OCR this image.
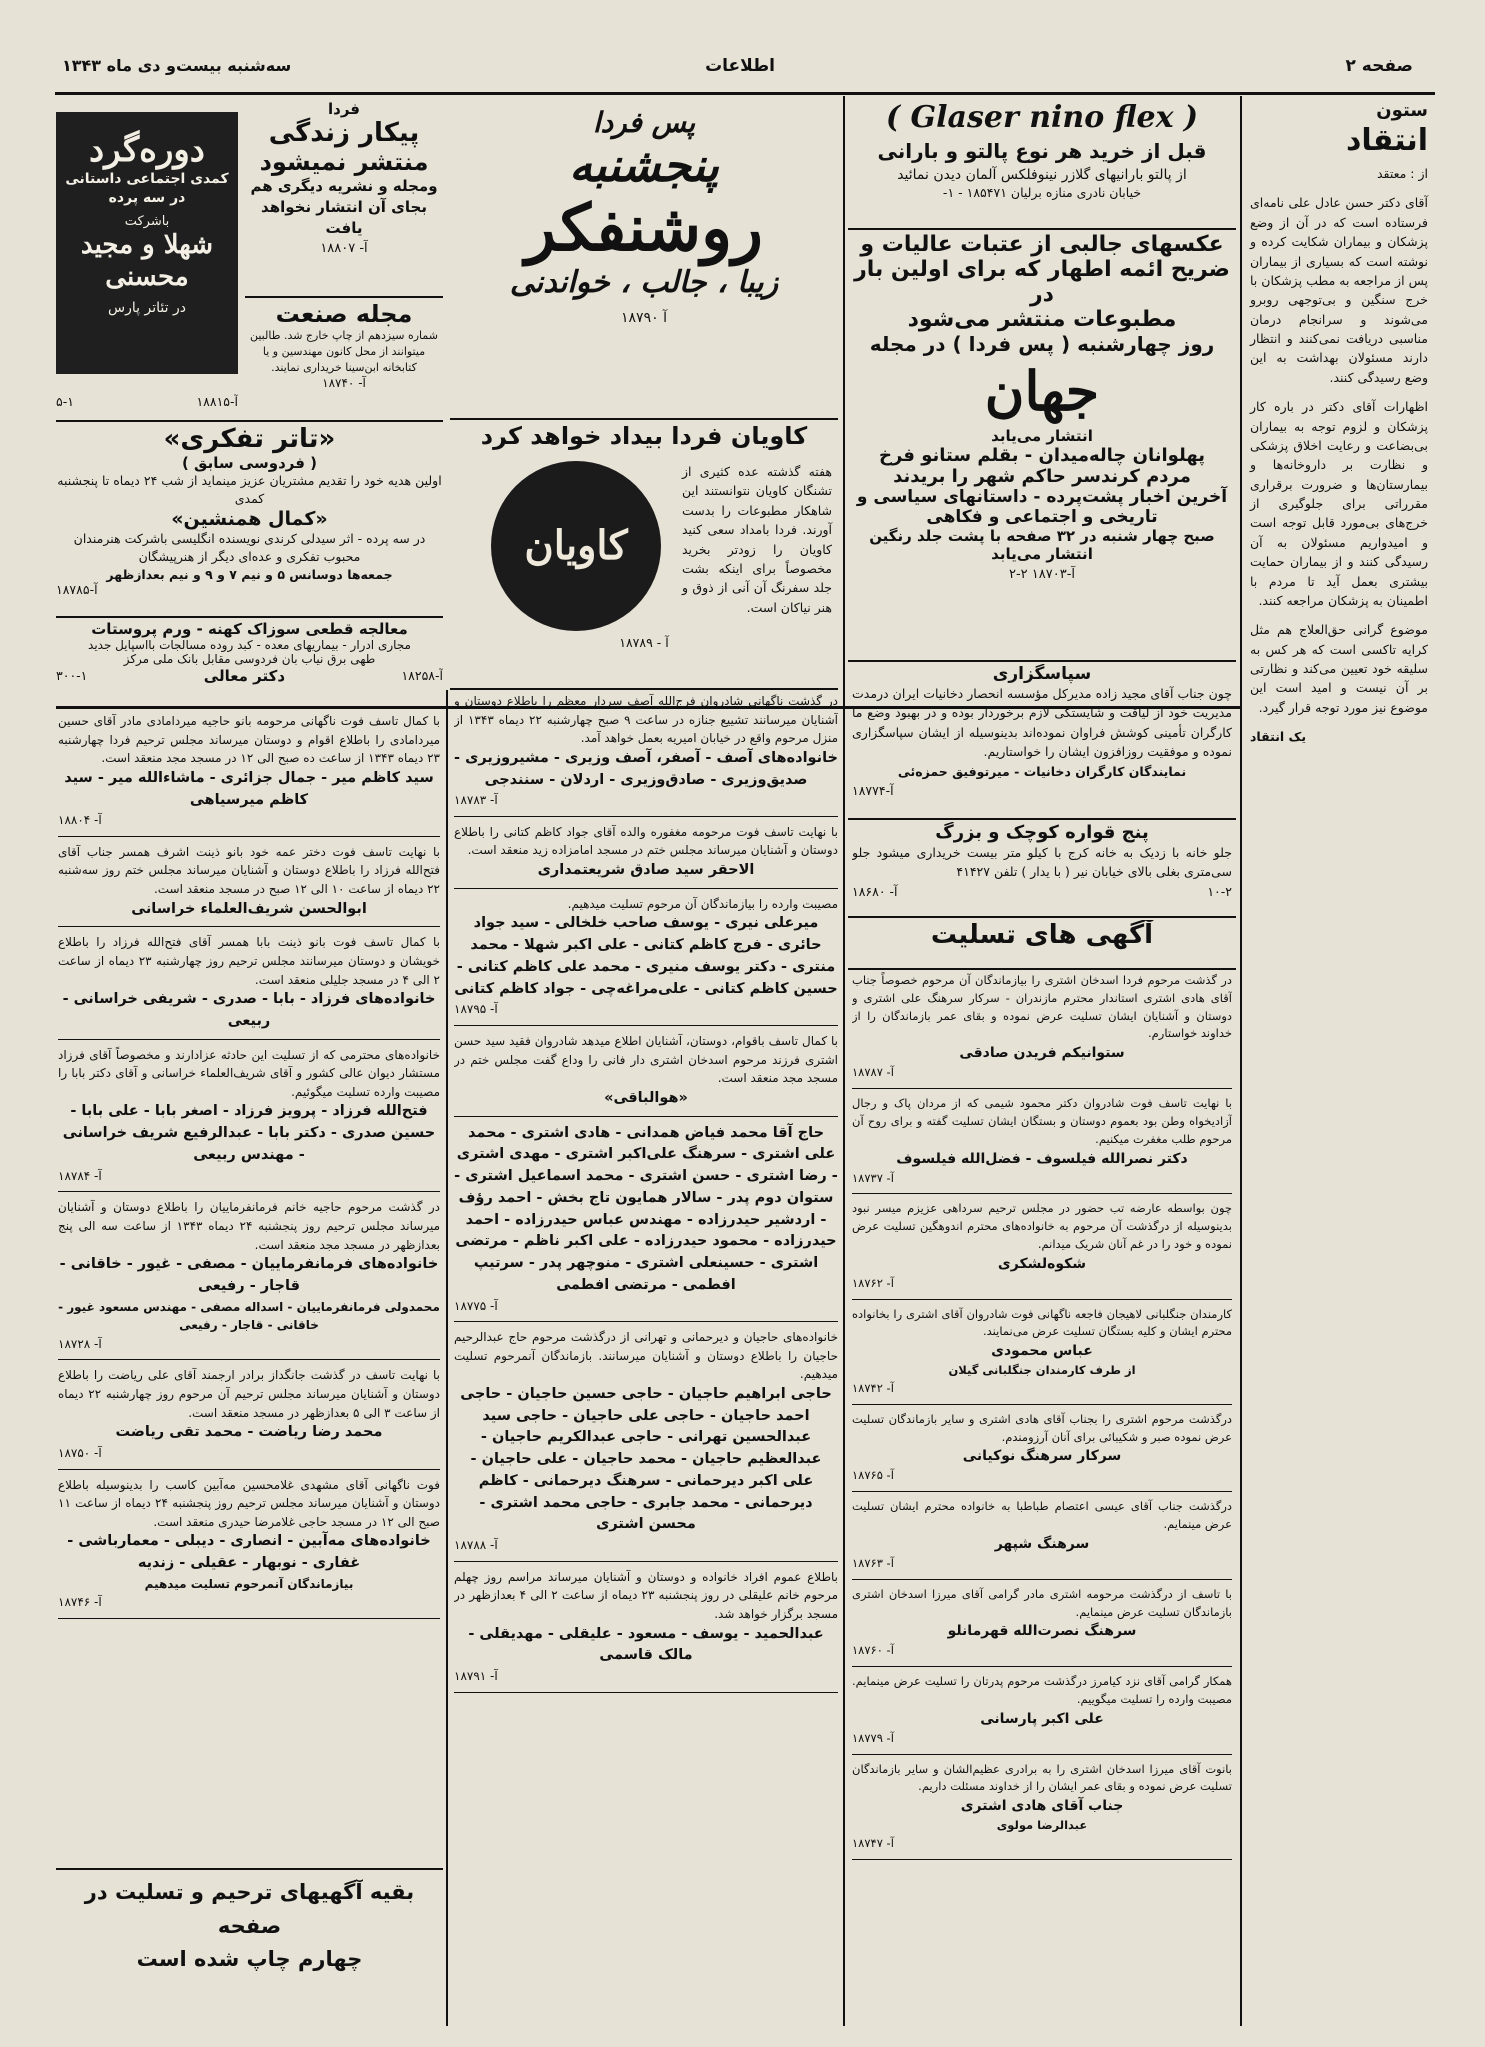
صفحه ۲
اطلاعات
سه‌شنبه بیست‌و دی ماه ۱۳۴۳
ستون
انتقاد
از : معتقد
آقای دکتر حسن عادل علی نامه‌ای فرستاده است که در آن از وضع پزشکان و بیماران شکایت کرده و نوشته است که بسیاری از بیماران پس از مراجعه به مطب پزشکان با خرج سنگین و بی‌توجهی روبرو می‌شوند و سرانجام درمان مناسبی دریافت نمی‌کنند و انتظار دارند مسئولان بهداشت به این وضع رسیدگی کنند.
اظهارات آقای دکتر در باره کار پزشکان و لزوم توجه به بیماران بی‌بضاعت و رعایت اخلاق پزشکی و نظارت بر داروخانه‌ها و بیمارستان‌ها و ضرورت برقراری مقرراتی برای جلوگیری از خرج‌های بی‌مورد قابل توجه است و امیدواریم مسئولان به آن رسیدگی کنند و از بیماران حمایت بیشتری بعمل آید تا مردم با اطمینان به پزشکان مراجعه کنند.
موضوع گرانی حق‌العلاج هم مثل کرایه تاکسی است که هر کس به سلیقه خود تعیین می‌کند و نظارتی بر آن نیست و امید است این موضوع نیز مورد توجه قرار گیرد.
یک انتقاد
( Glaser nino flex )
قبل از خرید هر نوع پالتو و بارانی
از پالتو بارانیهای گلازر نینوفلکس آلمان دیدن نمائید
خیابان نادری منازه برلیان ۱۸۵۴۷۱ - ۱-
عکسهای جالبی از عتبات عالیات و
ضریح ائمه اطهار که برای اولین بار در
مطبوعات منتشر می‌شود
روز چهارشنبه ( پس فردا ) در مجله
جهان
انتشار می‌یابد
پهلوانان چاله‌میدان - بقلم ستانو فرخ
مردم کرندسر حاکم شهر را بریدند
آخرین اخبار پشت‌پرده - داستانهای سیاسی و
تاریخی و اجتماعی و فکاهی
صبح چهار شنبه در ۳۲ صفحه با پشت جلد رنگین
انتشار می‌یابد
آ-۱۸۷۰۳ ۲-۲
سپاسگزاری
چون جناب آقای مجید زاده مدیرکل مؤسسه انحصار دخانیات ایران درمدت مدیریت خود از لیاقت و شایستگی لازم برخوردار بوده و در بهبود وضع ما کارگران تأمینی کوشش فراوان نموده‌اند بدینوسیله از ایشان سپاسگزاری نموده و موفقیت روزافزون ایشان را خواستاریم.
نمایندگان کارگران دخانیات - میرتوفیق حمزه‌ئی
آ-۱۸۷۷۴
پنج قواره کوچک و بزرگ
جلو خانه با زدیک به خانه کرج با کیلو متر بیست خریداری میشود جلو سی‌متری بغلی بالای خیابان نیر ( با یدار ) تلفن ۴۱۴۲۷
۱۰-۲
آ- ۱۸۶۸۰
آگهی های تسلیت
در گذشت مرحوم فردا اسدخان اشتری را بیازماندگان آن مرحوم خصوصاً جناب آقای هادی اشتری استاندار محترم مازندران - سرکار سرهنگ علی اشتری و دوستان و آشنایان ایشان تسلیت عرض نموده و بقای عمر بازماندگان را از خداوند خواستارم.
ستوانیکم فریدن صادقی
آ- ۱۸۷۸۷
با نهایت تاسف فوت شادروان دکتر محمود شیمی که از مردان پاک و رجال آزادیخواه وطن بود بعموم دوستان و بستگان ایشان تسلیت گفته و برای روح آن مرحوم طلب مغفرت میکنیم.
دکتر نصرالله فیلسوف - فضل‌الله فیلسوف
آ- ۱۸۷۳۷
چون بواسطه عارضه تب حضور در مجلس ترحیم سرداهی عزیزم میسر نبود بدینوسیله از درگذشت آن مرحوم به خانواده‌های محترم اندوهگین تسلیت عرض نموده و خود را در غم آنان شریک میدانم.
شکوه‌لشکری
آ- ۱۸۷۶۲
کارمندان جنگلبانی لاهیجان فاجعه ناگهانی فوت شادروان آقای اشتری را بخانواده محترم ایشان و کلیه بستگان تسلیت عرض می‌نمایند.
عباس محمودی
از طرف کارمندان جنگلبانی گیلان
آ- ۱۸۷۴۲
درگذشت مرحوم اشتری را بجناب آقای هادی اشتری و سایر بازماندگان تسلیت عرض نموده صبر و شکیبائی برای آنان آرزومندم.
سرکار سرهنگ نوکیانی
آ- ۱۸۷۶۵
درگذشت جناب آقای عیسی اعتصام طباطبا به خانواده محترم ایشان تسلیت عرض مینمایم.
سرهنگ شپهر
آ- ۱۸۷۶۳
با تاسف از درگذشت مرحومه اشتری مادر گرامی آقای میرزا اسدخان اشتری بازماندگان تسلیت عرض مینمایم.
سرهنگ نصرت‌الله قهرمانلو
آ- ۱۸۷۶۰
همکار گرامی آقای نزد کیامرز درگذشت مرحوم پدرتان را تسلیت عرض مینمایم. مصیبت وارده را تسلیت میگوییم.
علی اکبر پارسانی
آ- ۱۸۷۷۹
بانوت آقای میرزا اسدخان اشتری را به برادری عظیم‌الشان و سایر بازماندگان تسلیت عرض نموده و بقای عمر ایشان را از خداوند مسئلت داریم.
جناب آقای هادی اشتری
عبدالرضا مولوی
آ- ۱۸۷۴۷
پس فردا
پنجشنبه
روشنفکر
زیبا ، جالب ، خواندنی
آ ۱۸۷۹۰
کاویان فردا بیداد خواهد کرد
هفته گذشته عده کثیری از تشنگان کاویان نتوانستند این شاهکار مطبوعات را بدست آورند. فردا بامداد سعی کنید کاویان را زودتر بخرید مخصوصاً برای اینکه بشت جلد سفرنگ آن آنی از ذوق و هنر نیاکان است.
کاویان
آ - ۱۸۷۸۹
در گذشت ناگهانی شادروان فرج‌الله آصف سردار معظم را باطلاع دوستان و آشنایان میرسانند تشییع جنازه در ساعت ۹ صبح چهارشنبه ۲۲ دیماه ۱۳۴۳ از منزل مرحوم واقع در خیابان امیریه بعمل خواهد آمد.
خانواده‌های آصف - آصفر، آصف وزیری - مشیروزیری - صدیق‌وزیری - صادق‌وزیری - اردلان - سنندجی
آ- ۱۸۷۸۳
با نهایت تاسف فوت مرحومه مغفوره والده آقای جواد کاظم کتانی را باطلاع دوستان و آشنایان میرساند مجلس ختم در مسجد امامزاده زید منعقد است.
الاحقر سید صادق شریعتمداری
مصیبت وارده را بیازماندگان آن مرحوم تسلیت میدهیم.
میرعلی نیری - یوسف صاحب خلخالی - سید جواد حائری - فرج کاظم کتانی - علی اکبر شهلا - محمد منتری - دکتر یوسف منیری - محمد علی کاظم کتانی - حسین کاظم کتانی - علی‌مراغه‌‌چی - جواد کاظم کتانی
آ- ۱۸۷۹۵
با کمال تاسف باقوام، دوستان، آشنایان اطلاع میدهد شادروان فقید سید حسن اشتری فرزند مرحوم اسدخان اشتری دار فانی را وداع گفت مجلس ختم در مسجد مجد منعقد است.
«هوالباقی»
حاج آقا محمد فیاض همدانی - هادی اشتری - محمد علی اشتری - سرهنگ علی‌اکبر اشتری - مهدی اشتری - رضا اشتری - حسن اشتری - محمد اسماعیل اشتری - ستوان دوم پدر - سالار همایون تاج بخش - احمد رؤف - اردشیر حیدرزاده - مهندس عباس حیدرزاده - احمد حیدرزاده - محمود حیدرزاده - علی اکبر ناظم - مرتضی اشتری - حسینعلی اشتری - منوچهر پدر - سرتیپ افطمی - مرتضی افطمی
آ- ۱۸۷۷۵
خانواده‌های حاجیان و دیرحمانی و تهرانی از درگذشت مرحوم حاج عبدالرحیم حاجیان را باطلاع دوستان و آشنایان میرسانند. بازماندگان آنمرحوم تسلیت میدهیم.
حاجی ابراهیم حاجیان - حاجی حسین حاجیان - حاجی احمد حاجیان - حاجی علی حاجیان - حاجی سید عبدالحسین تهرانی - حاجی عبدالکریم حاجیان - عبدالعظیم حاجیان - محمد حاجیان - علی حاجیان - علی اکبر دیرحمانی - سرهنگ دیرحمانی - کاظم دیرحمانی - محمد جابری - حاجی محمد اشتری - محسن اشتری
آ- ۱۸۷۸۸
باطلاع عموم افراد خانواده و دوستان و آشنایان میرساند مراسم روز چهلم مرحوم خانم علیقلی در روز پنجشنبه ۲۳ دیماه از ساعت ۲ الی ۴ بعدازظهر در مسجد برگزار خواهد شد.
عبدالحمید - یوسف - مسعود - علیقلی - مهدیقلی - مالک قاسمی
آ- ۱۸۷۹۱
فردا
پیکار زندگی
منتشر نمیشود
ومجله و نشریه دیگری هم بجای آن انتشار نخواهد یافت
آ- ۱۸۸۰۷
مجله صنعت
شماره سیزدهم از چاپ خارج شد. طالبین میتوانند از محل کانون مهندسین و یا کتابخانه ابن‌سینا خریداری نمایند.
آ- ۱۸۷۴۰
دوره‌گرد
کمدی اجتماعی داستانی در سه پرده
باشرکت
شهلا و مجید محسنی
در تئاتر پارس
آ-۱۸۸۱۵
۵-۱
«تاتر تفکری»
( فردوسی سابق )
اولین هدیه خود را تقدیم مشتریان عزیز مینماید از شب ۲۴ دیماه تا پنجشنبه کمدی
«کمال همنشین»
در سه پرده - اثر سیدلی کرندی نویسنده انگلیسی باشرکت هنرمندان محبوب تفکری و عده‌ای دیگر از هنرپیشگان
جمعه‌ها دوسانس ۵ و نیم ۷ و ۹ و نیم بعدازظهر
آ-۱۸۷۸۵
معالجه قطعی سوزاک کهنه - ورم پروستات
مجاری ادرار - بیماریهای معده - کبد روده مسالجات بااسپایل جدید
طهی برق نیاب بان فردوسی مقابل بانک ملی مرکز
آ-۱۸۲۵۸
دکتر معالی
۳۰۰-۱
با کمال تاسف فوت ناگهانی مرحومه بانو حاجیه میردامادی مادر آقای حسین میردامادی را باطلاع اقوام و دوستان میرساند مجلس ترحیم فردا چهارشنبه ۲۳ دیماه ۱۳۴۳ از ساعت ده صبح الی ۱۲ در مسجد مجد منعقد است.
سید کاظم میر - جمال جزائری - ماشاءالله میر - سید کاظم میرسیاهی
آ- ۱۸۸۰۴
با نهایت تاسف فوت دختر عمه خود بانو ذینت اشرف همسر جناب آقای فتح‌الله فرزاد را باطلاع دوستان و آشنایان میرساند مجلس ختم روز سه‌شنبه ۲۲ دیماه از ساعت ۱۰ الی ۱۲ صبح در مسجد منعقد است.
ابوالحسن شریف‌العلماء خراسانی
با کمال تاسف فوت بانو ذینت بابا همسر آقای فتح‌الله فرزاد را باطلاع خویشان و دوستان میرسانند مجلس ترحیم روز چهارشنبه ۲۳ دیماه از ساعت ۲ الی ۴ در مسجد جلیلی منعقد است.
خانواده‌های فرزاد - بابا - صدری - شریفی خراسانی - ربیعی
خانواده‌های محترمی که از تسلیت این حادثه عزادارند و مخصوصاً آقای فرزاد مستشار دیوان عالی کشور و آقای شریف‌العلماء خراسانی و آقای دکتر بابا را مصیبت وارده تسلیت میگوئیم.
فتح‌الله فرزاد - پرویز فرزاد - اصغر بابا - علی بابا - حسین صدری - دکتر بابا - عبدالرفیع شریف خراسانی - مهندس ربیعی
آ- ۱۸۷۸۴
در گذشت مرحوم حاجیه خانم فرمانفرماییان را باطلاع دوستان و آشنایان میرساند مجلس ترحیم روز پنجشنبه ۲۴ دیماه ۱۳۴۳ از ساعت سه الی پنج بعدازظهر در مسجد مجد منعقد است.
خانواده‌های فرمانفرماییان - مصفی - غیور - خاقانی - قاجار - رفیعی
محمدولی فرمانفرماییان - اسداله مصفی - مهندس مسعود غیور - خاقانی - قاجار - رفیعی
آ- ۱۸۷۲۸
با نهایت تاسف در گذشت جانگداز برادر ارجمند آقای علی ریاضت را باطلاع دوستان و آشنایان میرساند مجلس ترحیم آن مرحوم روز چهارشنبه ۲۲ دیماه از ساعت ۳ الی ۵ بعدازظهر در مسجد منعقد است.
محمد رضا ریاضت - محمد تقی ریاضت
آ- ۱۸۷۵۰
فوت ناگهانی آقای مشهدی غلامحسین مه‌آبین کاسب را بدینوسیله باطلاع دوستان و آشنایان میرساند مجلس ترحیم روز پنجشنبه ۲۴ دیماه از ساعت ۱۱ صبح الی ۱۲ در مسجد حاجی غلامرضا حیدری منعقد است.
خانواده‌های مه‌آبین - انصاری - دیبلی - معمارباشی - غفاری - نوبهار - عقیلی - زندیه
بیازماندگان آنمرحوم تسلیت میدهیم
آ- ۱۸۷۴۶
بقیه آگهیهای ترحیم و تسلیت در صفحه
چهارم چاپ شده است
